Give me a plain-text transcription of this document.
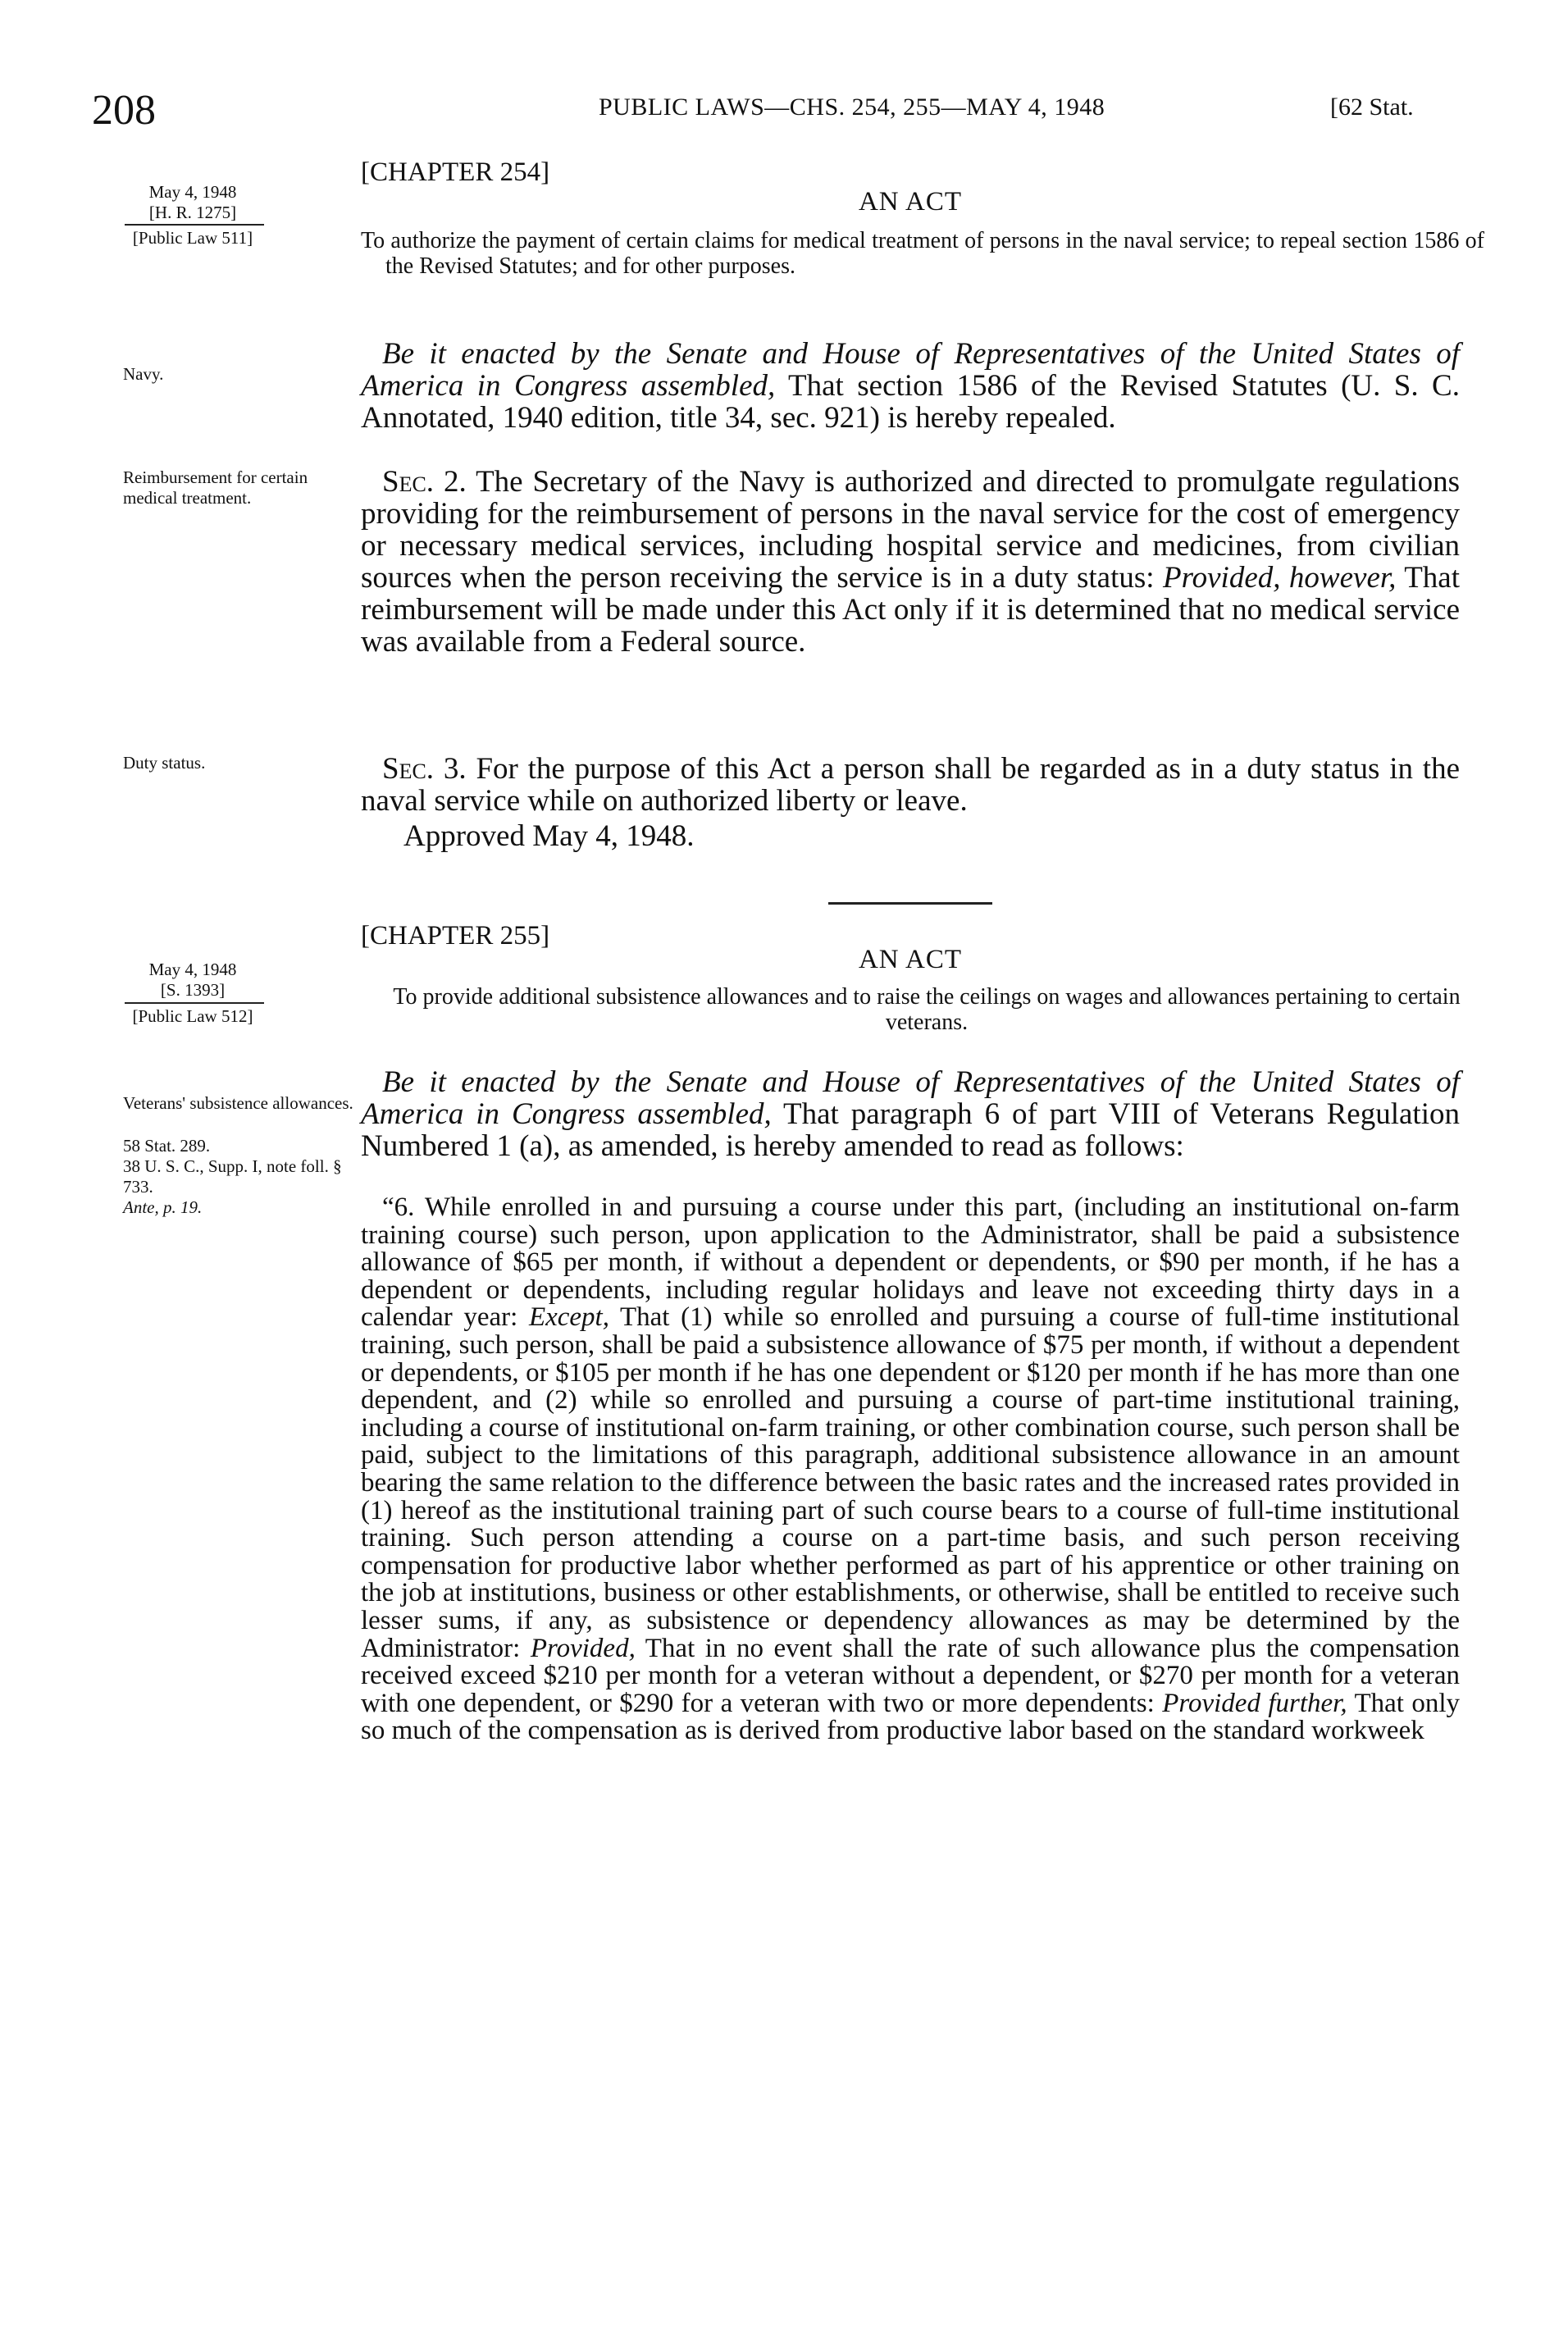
208	PUBLIC LAWS—CHS. 254, 255—MAY 4, 1948	[62 Stat.
May 4, 1948
[H. R. 1275]
[Public Law 511]
Navy.
Reimbursement for certain medical treatment.
Duty status.
[CHAPTER 254]
AN ACT
To authorize the payment of certain claims for medical treatment of persons in the naval service; to repeal section 1586 of the Revised Statutes; and for other purposes.
Be it enacted by the Senate and House of Representatives of the United States of America in Congress assembled, That section 1586 of the Revised Statutes (U. S. C. Annotated, 1940 edition, title 34, sec. 921) is hereby repealed.
Sec. 2. The Secretary of the Navy is authorized and directed to promulgate regulations providing for the reimbursement of persons in the naval service for the cost of emergency or necessary medical services, including hospital service and medicines, from civilian sources when the person receiving the service is in a duty status: Provided, however, That reimbursement will be made under this Act only if it is determined that no medical service was available from a Federal source.
Sec. 3. For the purpose of this Act a person shall be regarded as in a duty status in the naval service while on authorized liberty or leave.
Approved May 4, 1948.
May 4, 1948
[S. 1393]
[Public Law 512]
Veterans' subsistence allowances.
58 Stat. 289.
38 U. S. C., Supp. I, note foll. § 733.
Ante, p. 19.
[CHAPTER 255]
AN ACT
To provide additional subsistence allowances and to raise the ceilings on wages and allowances pertaining to certain veterans.
Be it enacted by the Senate and House of Representatives of the United States of America in Congress assembled, That paragraph 6 of part VIII of Veterans Regulation Numbered 1 (a), as amended, is hereby amended to read as follows:
“6. While enrolled in and pursuing a course under this part, (including an institutional on-farm training course) such person, upon application to the Administrator, shall be paid a subsistence allowance of $65 per month, if without a dependent or dependents, or $90 per month, if he has a dependent or dependents, including regular holidays and leave not exceeding thirty days in a calendar year: Except, That (1) while so enrolled and pursuing a course of full-time institutional training, such person, shall be paid a subsistence allowance of $75 per month, if without a dependent or dependents, or $105 per month if he has one dependent or $120 per month if he has more than one dependent, and (2) while so enrolled and pursuing a course of part-time institutional training, including a course of institutional on-farm training, or other combination course, such person shall be paid, subject to the limitations of this paragraph, additional subsistence allowance in an amount bearing the same relation to the difference between the basic rates and the increased rates provided in (1) hereof as the institutional training part of such course bears to a course of full-time institutional training. Such person attending a course on a part-time basis, and such person receiving compensation for productive labor whether performed as part of his apprentice or other training on the job at institutions, business or other establishments, or otherwise, shall be entitled to receive such lesser sums, if any, as subsistence or dependency allowances as may be determined by the Administrator: Provided, That in no event shall the rate of such allowance plus the compensation received exceed $210 per month for a veteran without a dependent, or $270 per month for a veteran with one dependent, or $290 for a veteran with two or more dependents: Provided further, That only so much of the compensation as is derived from productive labor based on the standard workweek
